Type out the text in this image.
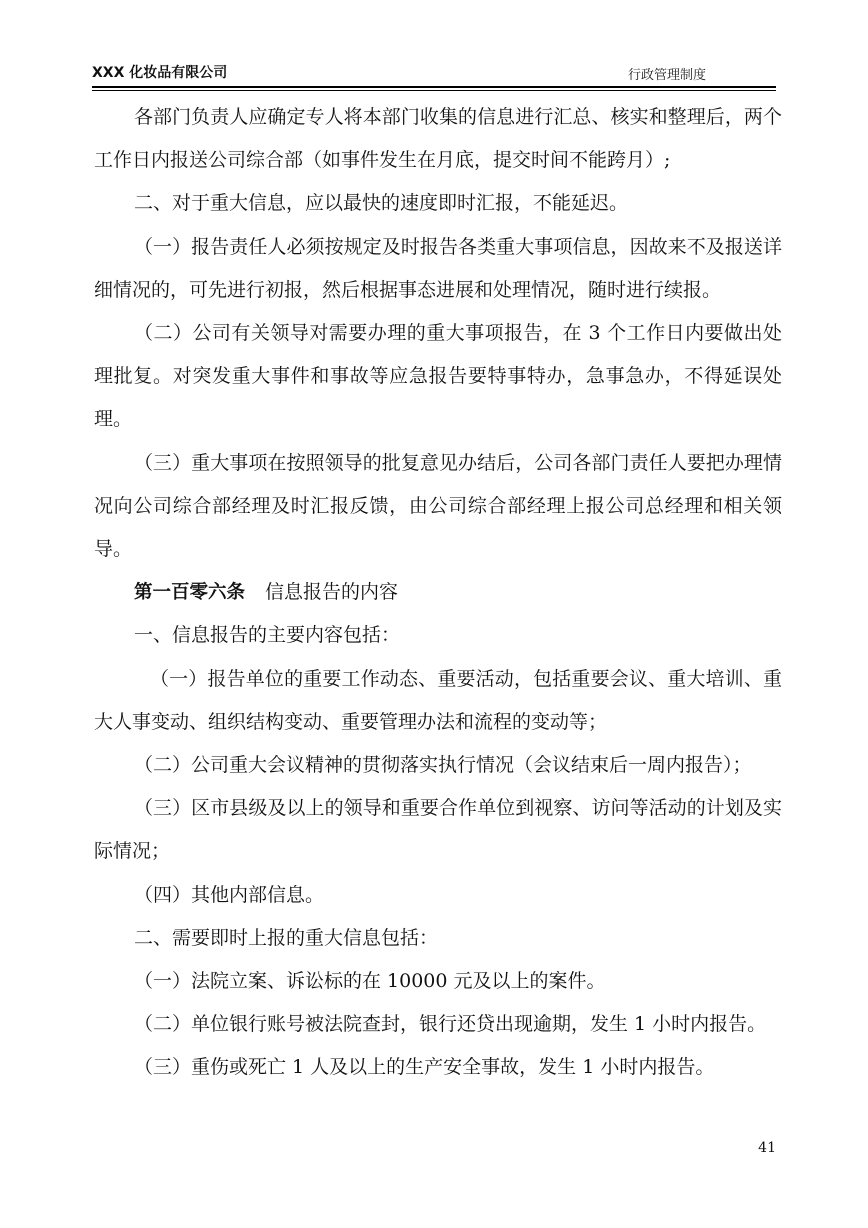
XXX 化妆品有限公司	行政管理制度

各部门负责人应确定专人将本部门收集的信息进行汇总、核实和整理后，两个工作日内报送公司综合部（如事件发生在月底，提交时间不能跨月）;

二、对于重大信息，应以最快的速度即时汇报，不能延迟。

（一）报告责任人必须按规定及时报告各类重大事项信息，因故来不及报送详细情况的，可先进行初报，然后根据事态进展和处理情况，随时进行续报。

（二）公司有关领导对需要办理的重大事项报告，在 3 个工作日内要做出处理批复。对突发重大事件和事故等应急报告要特事特办，急事急办，不得延误处理。

（三）重大事项在按照领导的批复意见办结后，公司各部门责任人要把办理情况向公司综合部经理及时汇报反馈，由公司综合部经理上报公司总经理和相关领导。

第一百零六条 信息报告的内容

一、信息报告的主要内容包括：

（一）报告单位的重要工作动态、重要活动，包括重要会议、重大培训、重大人事变动、组织结构变动、重要管理办法和流程的变动等；

（二）公司重大会议精神的贯彻落实执行情况（会议结束后一周内报告）；

（三）区市县级及以上的领导和重要合作单位到视察、访问等活动的计划及实际情况；

（四）其他内部信息。

二、需要即时上报的重大信息包括：

（一）法院立案、诉讼标的在 10000 元及以上的案件。

（二）单位银行账号被法院查封，银行还贷出现逾期，发生 1 小时内报告。

（三）重伤或死亡 1 人及以上的生产安全事故，发生 1 小时内报告。

41
